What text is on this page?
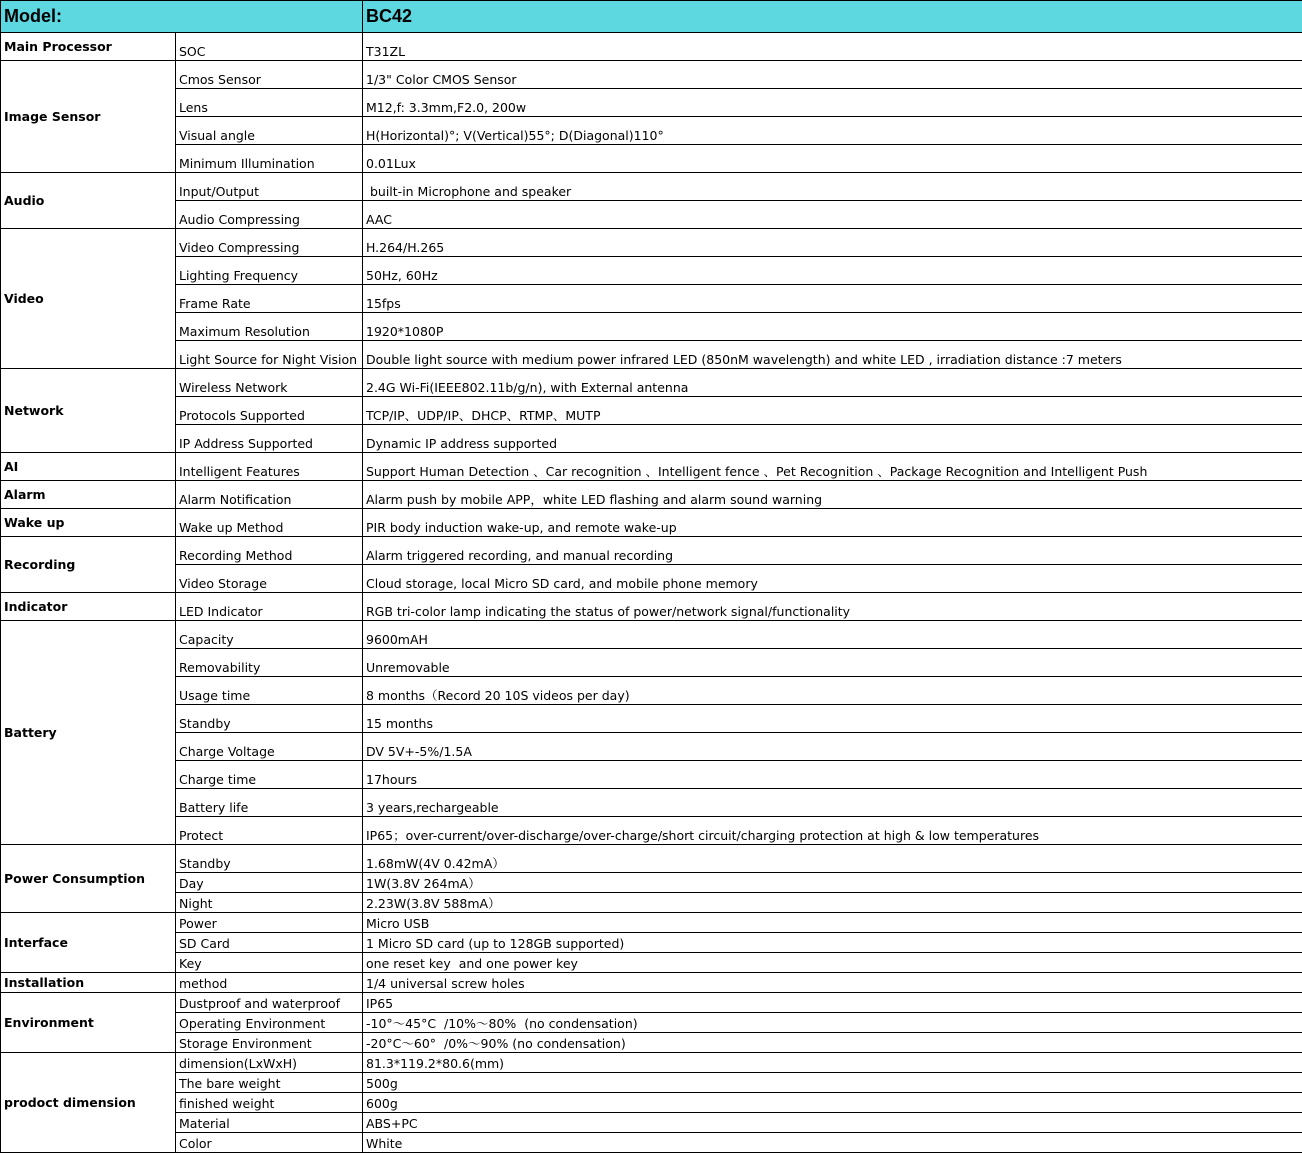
Model:		BC42
Main Processor	SOC	T31ZL
Image Sensor	Cmos Sensor	1/3" Color CMOS Sensor
	Lens	M12,f: 3.3mm,F2.0, 200w
	Visual angle	H(Horizontal)°; V(Vertical)55°; D(Diagonal)110°
	Minimum Illumination	0.01Lux
Audio	Input/Output	built-in Microphone and speaker
	Audio Compressing	AAC
Video	Video Compressing	H.264/H.265
	Lighting Frequency	50Hz, 60Hz
	Frame Rate	15fps
	Maximum Resolution	1920*1080P
	Light Source for Night Vision	Double light source with medium power infrared LED (850nM wavelength) and white LED , irradiation distance :7 meters
Network	Wireless Network	2.4G Wi-Fi(IEEE802.11b/g/n), with External antenna
	Protocols Supported	TCP/IP、UDP/IP、DHCP、RTMP、MUTP
	IP Address Supported	Dynamic IP address supported
AI	Intelligent Features	Support Human Detection 、Car recognition 、Intelligent fence 、Pet Recognition 、Package Recognition and Intelligent Push
Alarm	Alarm Notification	Alarm push by mobile APP，white LED flashing and alarm sound warning
Wake up	Wake up Method	PIR body induction wake-up, and remote wake-up
Recording	Recording Method	Alarm triggered recording, and manual recording
	Video Storage	Cloud storage, local Micro SD card, and mobile phone memory
Indicator	LED Indicator	RGB tri-color lamp indicating the status of power/network signal/functionality
Battery	Capacity	9600mAH
	Removability	Unremovable
	Usage time	8 months（Record 20 10S videos per day)
	Standby	15 months
	Charge Voltage	DV 5V+-5%/1.5A
	Charge time	17hours
	Battery life	3 years,rechargeable
	Protect	IP65；over-current/over-discharge/over-charge/short circuit/charging protection at high & low temperatures
Power Consumption	Standby	1.68mW(4V 0.42mA）
	Day	1W(3.8V 264mA）
	Night	2.23W(3.8V 588mA）
Interface	Power	Micro USB
	SD Card	1 Micro SD card (up to 128GB supported)
	Key	one reset key  and one power key
Installation	method	1/4 universal screw holes
Environment	Dustproof and waterproof	IP65
	Operating Environment	-10°～45°C  /10%～80%  (no condensation)
	Storage Environment	-20°C～60°  /0%～90% (no condensation)
prodoct dimension	dimension(LxWxH)	81.3*119.2*80.6(mm)
	The bare weight	500g
	finished weight	600g
	Material	ABS+PC
	Color	White
